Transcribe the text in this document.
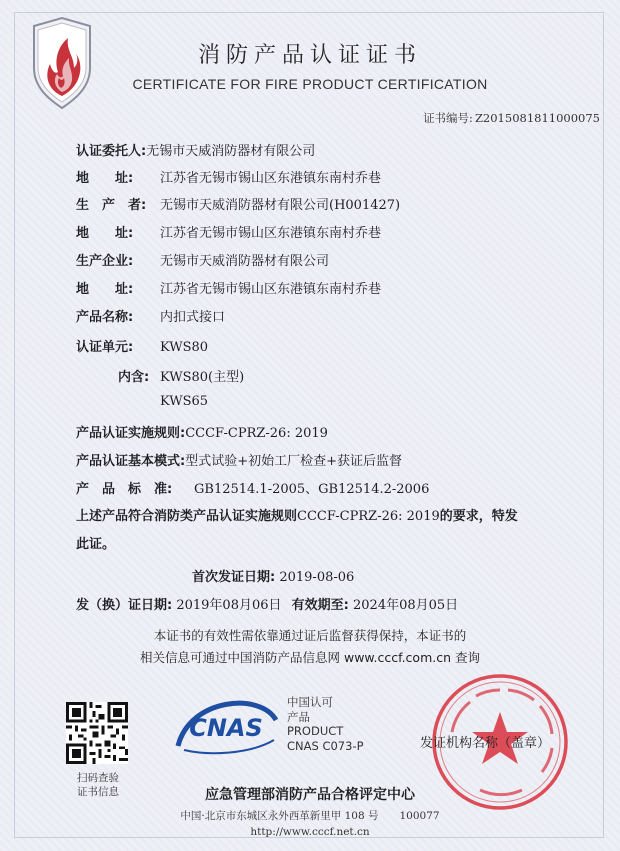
消防产品认证证书
CERTIFICATE FOR FIRE PRODUCT CERTIFICATION
证书编号: Z2015081811000075
认证委托人:无锡市天威消防器材有限公司
地　　址: 江苏省无锡市锡山区东港镇东南村乔巷
生　产　者: 无锡市天威消防器材有限公司(H001427)
地　　址: 江苏省无锡市锡山区东港镇东南村乔巷
生产企业: 无锡市天威消防器材有限公司
地　　址: 江苏省无锡市锡山区东港镇东南村乔巷
产品名称: 内扣式接口
认证单元: KWS80
内含: KWS80(主型)
KWS65
产品认证实施规则:CCCF-CPRZ-26: 2019
产品认证基本模式:型式试验+初始工厂检查+获证后监督
产　品　标　准: GB12514.1-2005、GB12514.2-2006
上述产品符合消防类产品认证实施规则CCCF-CPRZ-26: 2019的要求，特发
此证。
首次发证日期: 2019-08-06
发（换）证日期: 2019年08月06日 有效期至: 2024年08月05日
本证书的有效性需依靠通过证后监督获得保持，本证书的
相关信息可通过中国消防产品信息网 www.cccf.com.cn 查询
扫码查验
证书信息
CNAS
中国认可
产品
PRODUCT
CNAS C073-P	发证机构名称（盖章）
应急管理部消防产品合格评定中心
中国·北京市东城区永外西革新里甲 108 号　　100077
http://www.cccf.net.cn
